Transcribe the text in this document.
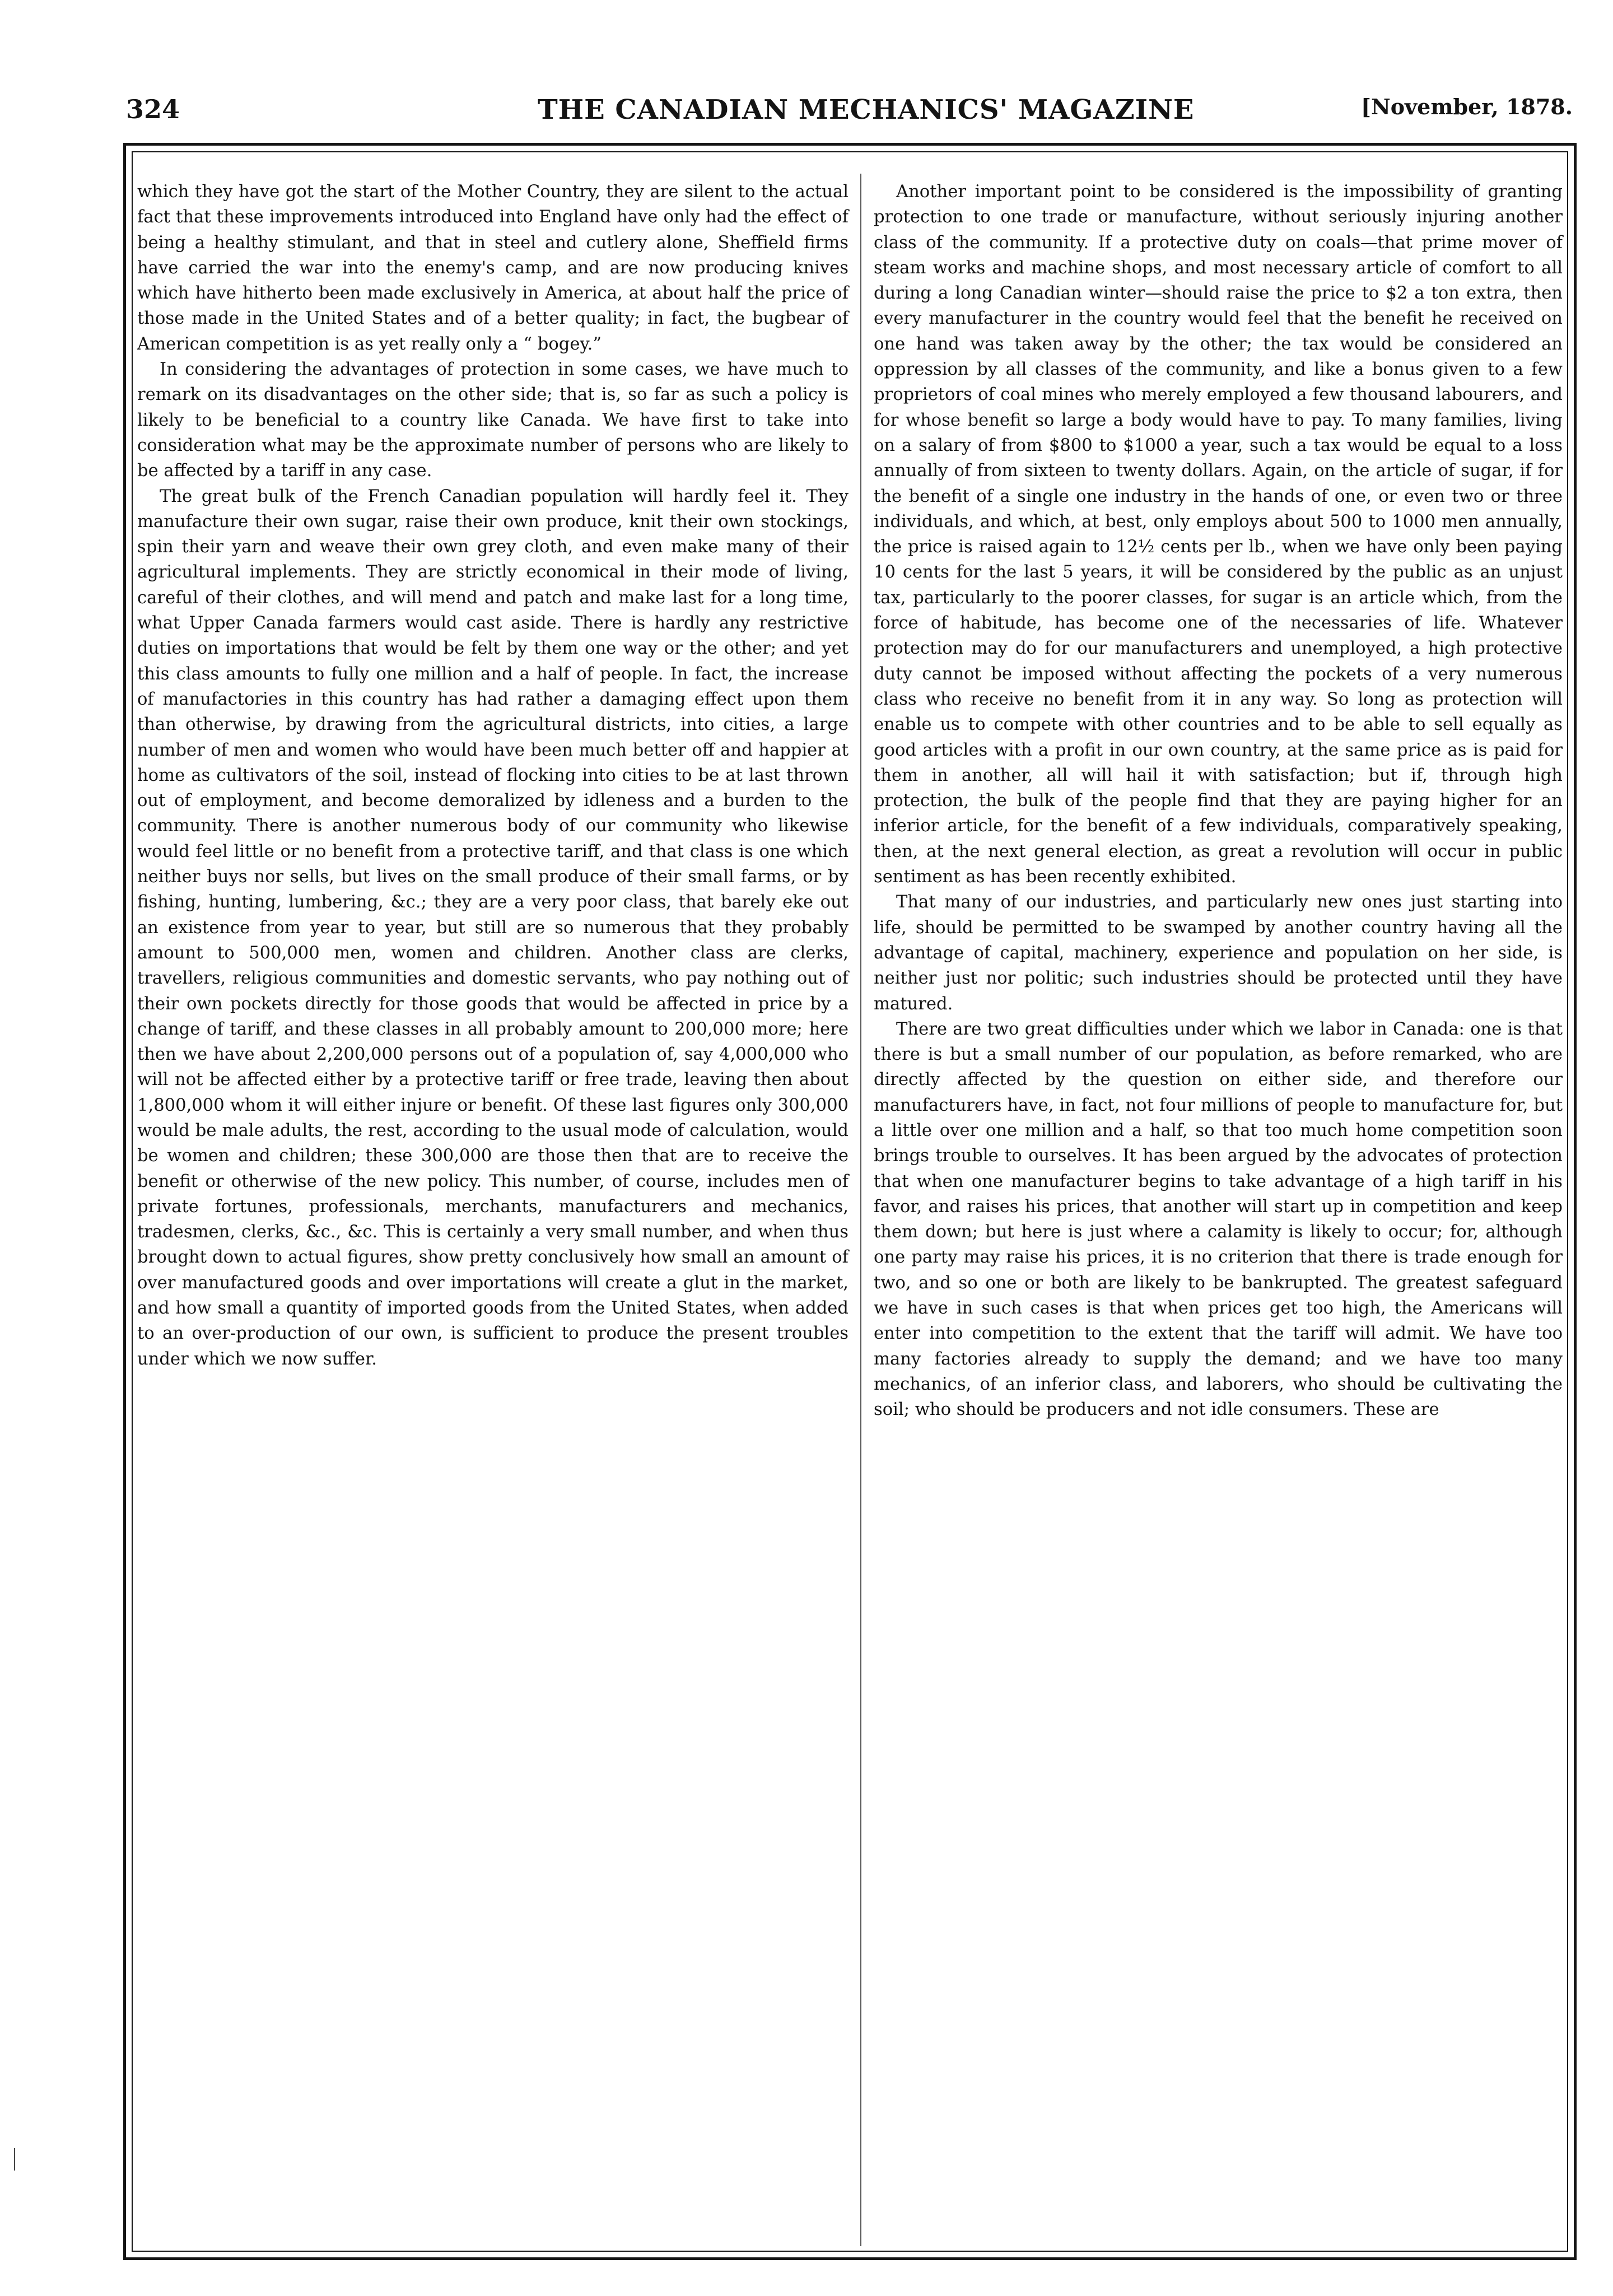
324	THE CANADIAN MECHANICS' MAGAZINE	[November, 1878.

which they have got the start of the Mother Country, they are silent to the actual fact that these improvements introduced into England have only had the effect of being a healthy stimulant, and that in steel and cutlery alone, Sheffield firms have carried the war into the enemy's camp, and are now producing knives which have hitherto been made exclusively in America, at about half the price of those made in the United States and of a better quality; in fact, the bugbear of American competition is as yet really only a “ bogey.”

In considering the advantages of protection in some cases, we have much to remark on its disadvantages on the other side; that is, so far as such a policy is likely to be beneficial to a country like Canada. We have first to take into consideration what may be the approximate number of persons who are likely to be affected by a tariff in any case.

The great bulk of the French Canadian population will hardly feel it. They manufacture their own sugar, raise their own produce, knit their own stockings, spin their yarn and weave their own grey cloth, and even make many of their agricultural implements. They are strictly economical in their mode of living, careful of their clothes, and will mend and patch and make last for a long time, what Upper Canada farmers would cast aside. There is hardly any restrictive duties on importations that would be felt by them one way or the other; and yet this class amounts to fully one million and a half of people. In fact, the increase of manufactories in this country has had rather a damaging effect upon them than otherwise, by drawing from the agricultural districts, into cities, a large number of men and women who would have been much better off and happier at home as cultivators of the soil, instead of flocking into cities to be at last thrown out of employment, and become demoralized by idleness and a burden to the community. There is another numerous body of our community who likewise would feel little or no benefit from a protective tariff, and that class is one which neither buys nor sells, but lives on the small produce of their small farms, or by fishing, hunting, lumbering, &c.; they are a very poor class, that barely eke out an existence from year to year, but still are so numerous that they probably amount to 500,000 men, women and children. Another class are clerks, travellers, religious communities and domestic servants, who pay nothing out of their own pockets directly for those goods that would be affected in price by a change of tariff, and these classes in all probably amount to 200,000 more; here then we have about 2,200,000 persons out of a population of, say 4,000,000 who will not be affected either by a protective tariff or free trade, leaving then about 1,800,000 whom it will either injure or benefit. Of these last figures only 300,000 would be male adults, the rest, according to the usual mode of calculation, would be women and children; these 300,000 are those then that are to receive the benefit or otherwise of the new policy. This number, of course, includes men of private fortunes, professionals, merchants, manufacturers and mechanics, tradesmen, clerks, &c., &c. This is certainly a very small number, and when thus brought down to actual figures, show pretty conclusively how small an amount of over manufactured goods and over importations will create a glut in the market, and how small a quantity of imported goods from the United States, when added to an over-production of our own, is sufficient to produce the present troubles under which we now suffer.

Another important point to be considered is the impossibility of granting protection to one trade or manufacture, without seriously injuring another class of the community. If a protective duty on coals—that prime mover of steam works and machine shops, and most necessary article of comfort to all during a long Canadian winter—should raise the price to $2 a ton extra, then every manufacturer in the country would feel that the benefit he received on one hand was taken away by the other; the tax would be considered an oppression by all classes of the community, and like a bonus given to a few proprietors of coal mines who merely employed a few thousand labourers, and for whose benefit so large a body would have to pay. To many families, living on a salary of from $800 to $1000 a year, such a tax would be equal to a loss annually of from sixteen to twenty dollars. Again, on the article of sugar, if for the benefit of a single one industry in the hands of one, or even two or three individuals, and which, at best, only employs about 500 to 1000 men annually, the price is raised again to 12½ cents per lb., when we have only been paying 10 cents for the last 5 years, it will be considered by the public as an unjust tax, particularly to the poorer classes, for sugar is an article which, from the force of habitude, has become one of the necessaries of life. Whatever protection may do for our manufacturers and unemployed, a high protective duty cannot be imposed without affecting the pockets of a very numerous class who receive no benefit from it in any way. So long as protection will enable us to compete with other countries and to be able to sell equally as good articles with a profit in our own country, at the same price as is paid for them in another, all will hail it with satisfaction; but if, through high protection, the bulk of the people find that they are paying higher for an inferior article, for the benefit of a few individuals, comparatively speaking, then, at the next general election, as great a revolution will occur in public sentiment as has been recently exhibited.

That many of our industries, and particularly new ones just starting into life, should be permitted to be swamped by another country having all the advantage of capital, machinery, experience and population on her side, is neither just nor politic; such industries should be protected until they have matured.

There are two great difficulties under which we labor in Canada: one is that there is but a small number of our population, as before remarked, who are directly affected by the question on either side, and therefore our manufacturers have, in fact, not four millions of people to manufacture for, but a little over one million and a half, so that too much home competition soon brings trouble to ourselves. It has been argued by the advocates of protection that when one manufacturer begins to take advantage of a high tariff in his favor, and raises his prices, that another will start up in competition and keep them down; but here is just where a calamity is likely to occur; for, although one party may raise his prices, it is no criterion that there is trade enough for two, and so one or both are likely to be bankrupted. The greatest safeguard we have in such cases is that when prices get too high, the Americans will enter into competition to the extent that the tariff will admit. We have too many factories already to supply the demand; and we have too many mechanics, of an inferior class, and laborers, who should be cultivating the soil; who should be producers and not idle consumers. These are
